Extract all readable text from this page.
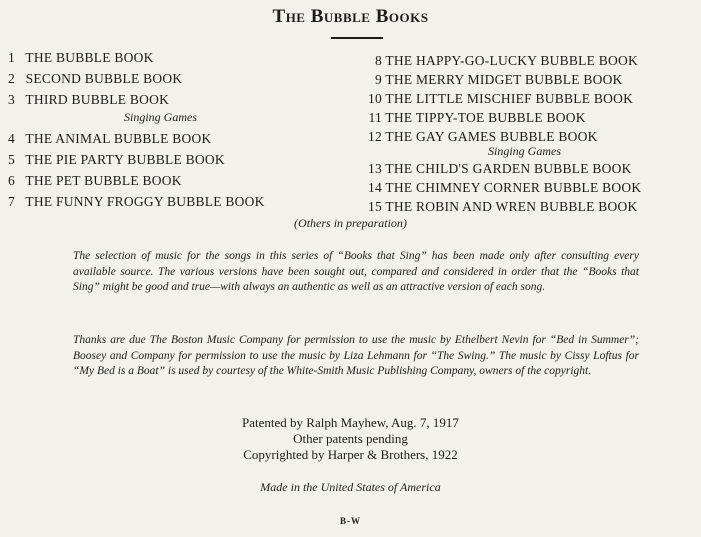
The Bubble Books
1 THE BUBBLE BOOK
2 SECOND BUBBLE BOOK
3 THIRD BUBBLE BOOK
Singing Games
4 THE ANIMAL BUBBLE BOOK
5 THE PIE PARTY BUBBLE BOOK
6 THE PET BUBBLE BOOK
7 THE FUNNY FROGGY BUBBLE BOOK
8 THE HAPPY-GO-LUCKY BUBBLE BOOK
9 THE MERRY MIDGET BUBBLE BOOK
10 THE LITTLE MISCHIEF BUBBLE BOOK
11 THE TIPPY-TOE BUBBLE BOOK
12 THE GAY GAMES BUBBLE BOOK
Singing Games
13 THE CHILD'S GARDEN BUBBLE BOOK
14 THE CHIMNEY CORNER BUBBLE BOOK
15 THE ROBIN AND WREN BUBBLE BOOK
(Others in preparation)

The selection of music for the songs in this series of “Books that Sing” has been made only after consulting every available source. The various versions have been sought out, compared and considered in order that the “Books that Sing” might be good and true—with always an authentic as well as an attractive version of each song.

Thanks are due The Boston Music Company for permission to use the music by Ethelbert Nevin for “Bed in Summer”; Boosey and Company for permission to use the music by Liza Lehmann for “The Swing.” The music by Cissy Loftus for “My Bed is a Boat” is used by courtesy of the White-Smith Music Publishing Company, owners of the copyright.

Patented by Ralph Mayhew, Aug. 7, 1917
Other patents pending
Copyrighted by Harper & Brothers, 1922
Made in the United States of America
B-W
